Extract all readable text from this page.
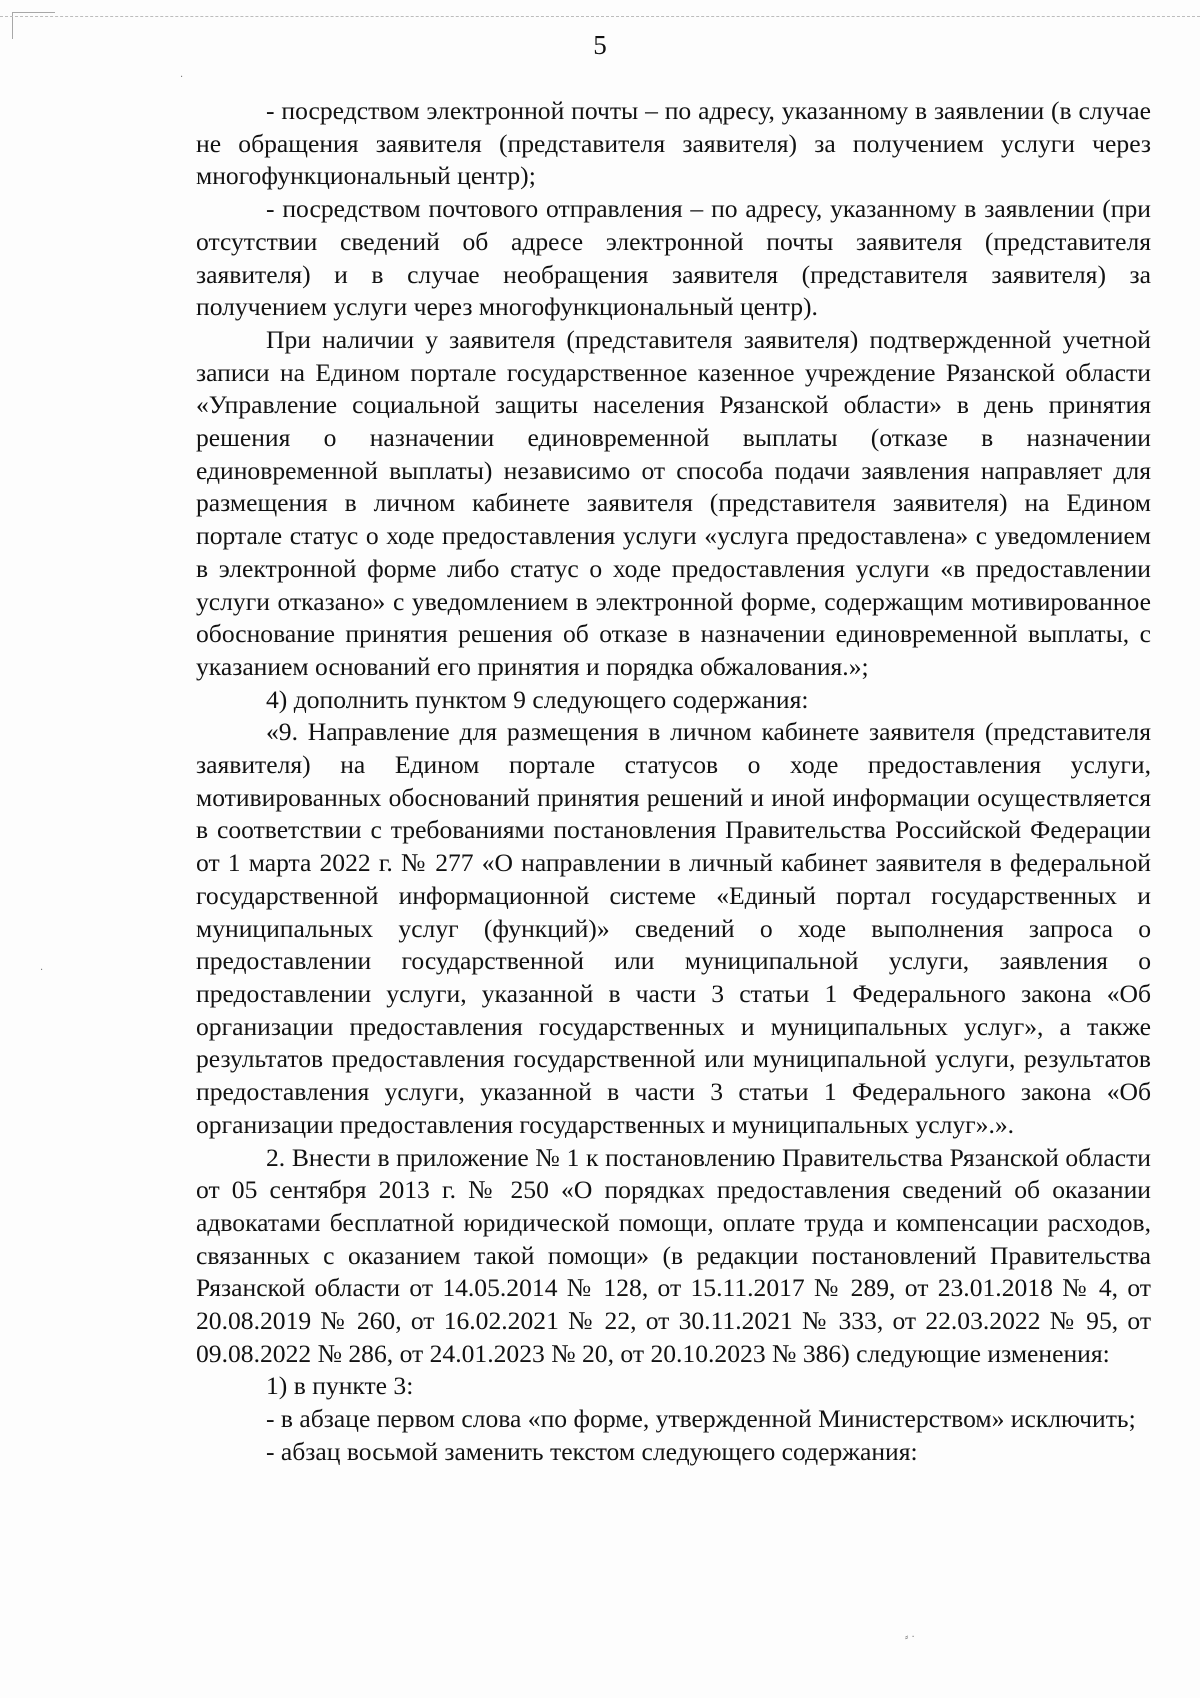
5

- посредством электронной почты – по адресу, указанному в заявлении (в случае не обращения заявителя (представителя заявителя) за получением услуги через многофункциональный центр);

- посредством почтового отправления – по адресу, указанному в заявлении (при отсутствии сведений об адресе электронной почты заявителя (представителя заявителя) и в случае необращения заявителя (представителя заявителя) за получением услуги через многофункциональный центр).

При наличии у заявителя (представителя заявителя) подтвержденной учетной записи на Едином портале государственное казенное учреждение Рязанской области «Управление социальной защиты населения Рязанской области» в день принятия решения о назначении единовременной выплаты (отказе в назначении единовременной выплаты) независимо от способа подачи заявления направляет для размещения в личном кабинете заявителя (представителя заявителя) на Едином портале статус о ходе предоставления услуги «услуга предоставлена» с уведомлением в электронной форме либо статус о ходе предоставления услуги «в предоставлении услуги отказано» с уведомлением в электронной форме, содержащим мотивированное обоснование принятия решения об отказе в назначении единовременной выплаты, с указанием оснований его принятия и порядка обжалования.»;

4) дополнить пунктом 9 следующего содержания:

«9. Направление для размещения в личном кабинете заявителя (представителя заявителя) на Едином портале статусов о ходе предоставления услуги, мотивированных обоснований принятия решений и иной информации осуществляется в соответствии с требованиями постановления Правительства Российской Федерации от 1 марта 2022 г. № 277 «О направлении в личный кабинет заявителя в федеральной государственной информационной системе «Единый портал государственных и муниципальных услуг (функций)» сведений о ходе выполнения запроса о предоставлении государственной или муниципальной услуги, заявления о предоставлении услуги, указанной в части 3 статьи 1 Федерального закона «Об организации предоставления государственных и муниципальных услуг», а также результатов предоставления государственной или муниципальной услуги, результатов предоставления услуги, указанной в части 3 статьи 1 Федерального закона «Об организации предоставления государственных и муниципальных услуг».».

2. Внести в приложение № 1 к постановлению Правительства Рязанской области от 05 сентября 2013 г. № 250 «О порядках предоставления сведений об оказании адвокатами бесплатной юридической помощи, оплате труда и компенсации расходов, связанных с оказанием такой помощи» (в редакции постановлений Правительства Рязанской области от 14.05.2014 № 128, от 15.11.2017 № 289, от 23.01.2018 № 4, от 20.08.2019 № 260, от 16.02.2021 № 22, от 30.11.2021 № 333, от 22.03.2022 № 95, от 09.08.2022 № 286, от 24.01.2023 № 20, от 20.10.2023 № 386) следующие изменения:

1) в пункте 3:

- в абзаце первом слова «по форме, утвержденной Министерством» исключить;

- абзац восьмой заменить текстом следующего содержания:

·
·
⸗ ·
